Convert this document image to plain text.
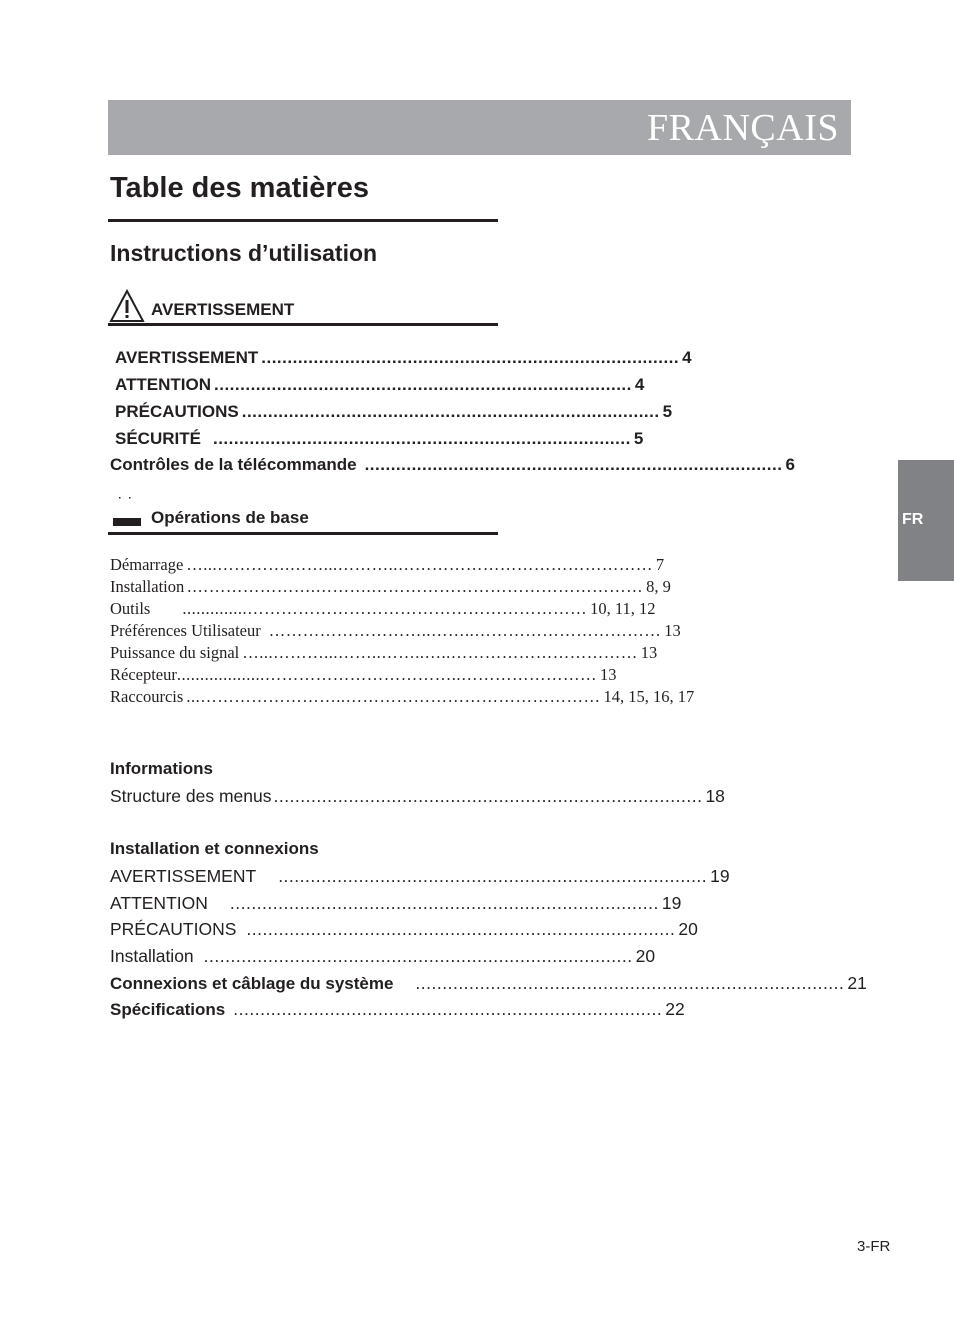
FRANÇAIS
Table des matières
Instructions d’utilisation
AVERTISSEMENT
AVERTISSEMENT ................................................................................ 4
ATTENTION ................................................................................ 4
PRÉCAUTIONS ................................................................................ 5
SÉCURITÉ ................................................................................ 5
Contrôles de la télécommande ................................................................................ 6
Opérations de base
Démarrage …...………….……...………..……………………………………… 7
Installation .………………….……….………………………………………… 8, 9
Outils ..............…………………………………………………… 10, 11, 12
Préférences Utilisateur ………………………..……..…………………………… 13
Puissance du signal …...………...……..……..…..…………………………… 13
Récepteur ...................……………………………..…………………… 13
Raccourcis ...……………………..……………………………………… 14, 15, 16, 17
Informations
Structure des menus ................................................................................ 18
Installation et connexions
AVERTISSEMENT ................................................................................ 19
ATTENTION ................................................................................ 19
PRÉCAUTIONS ................................................................................ 20
Installation ................................................................................ 20
Connexions et câblage du système ................................................................................ 21
Spécifications ................................................................................ 22
FR
3-FR
